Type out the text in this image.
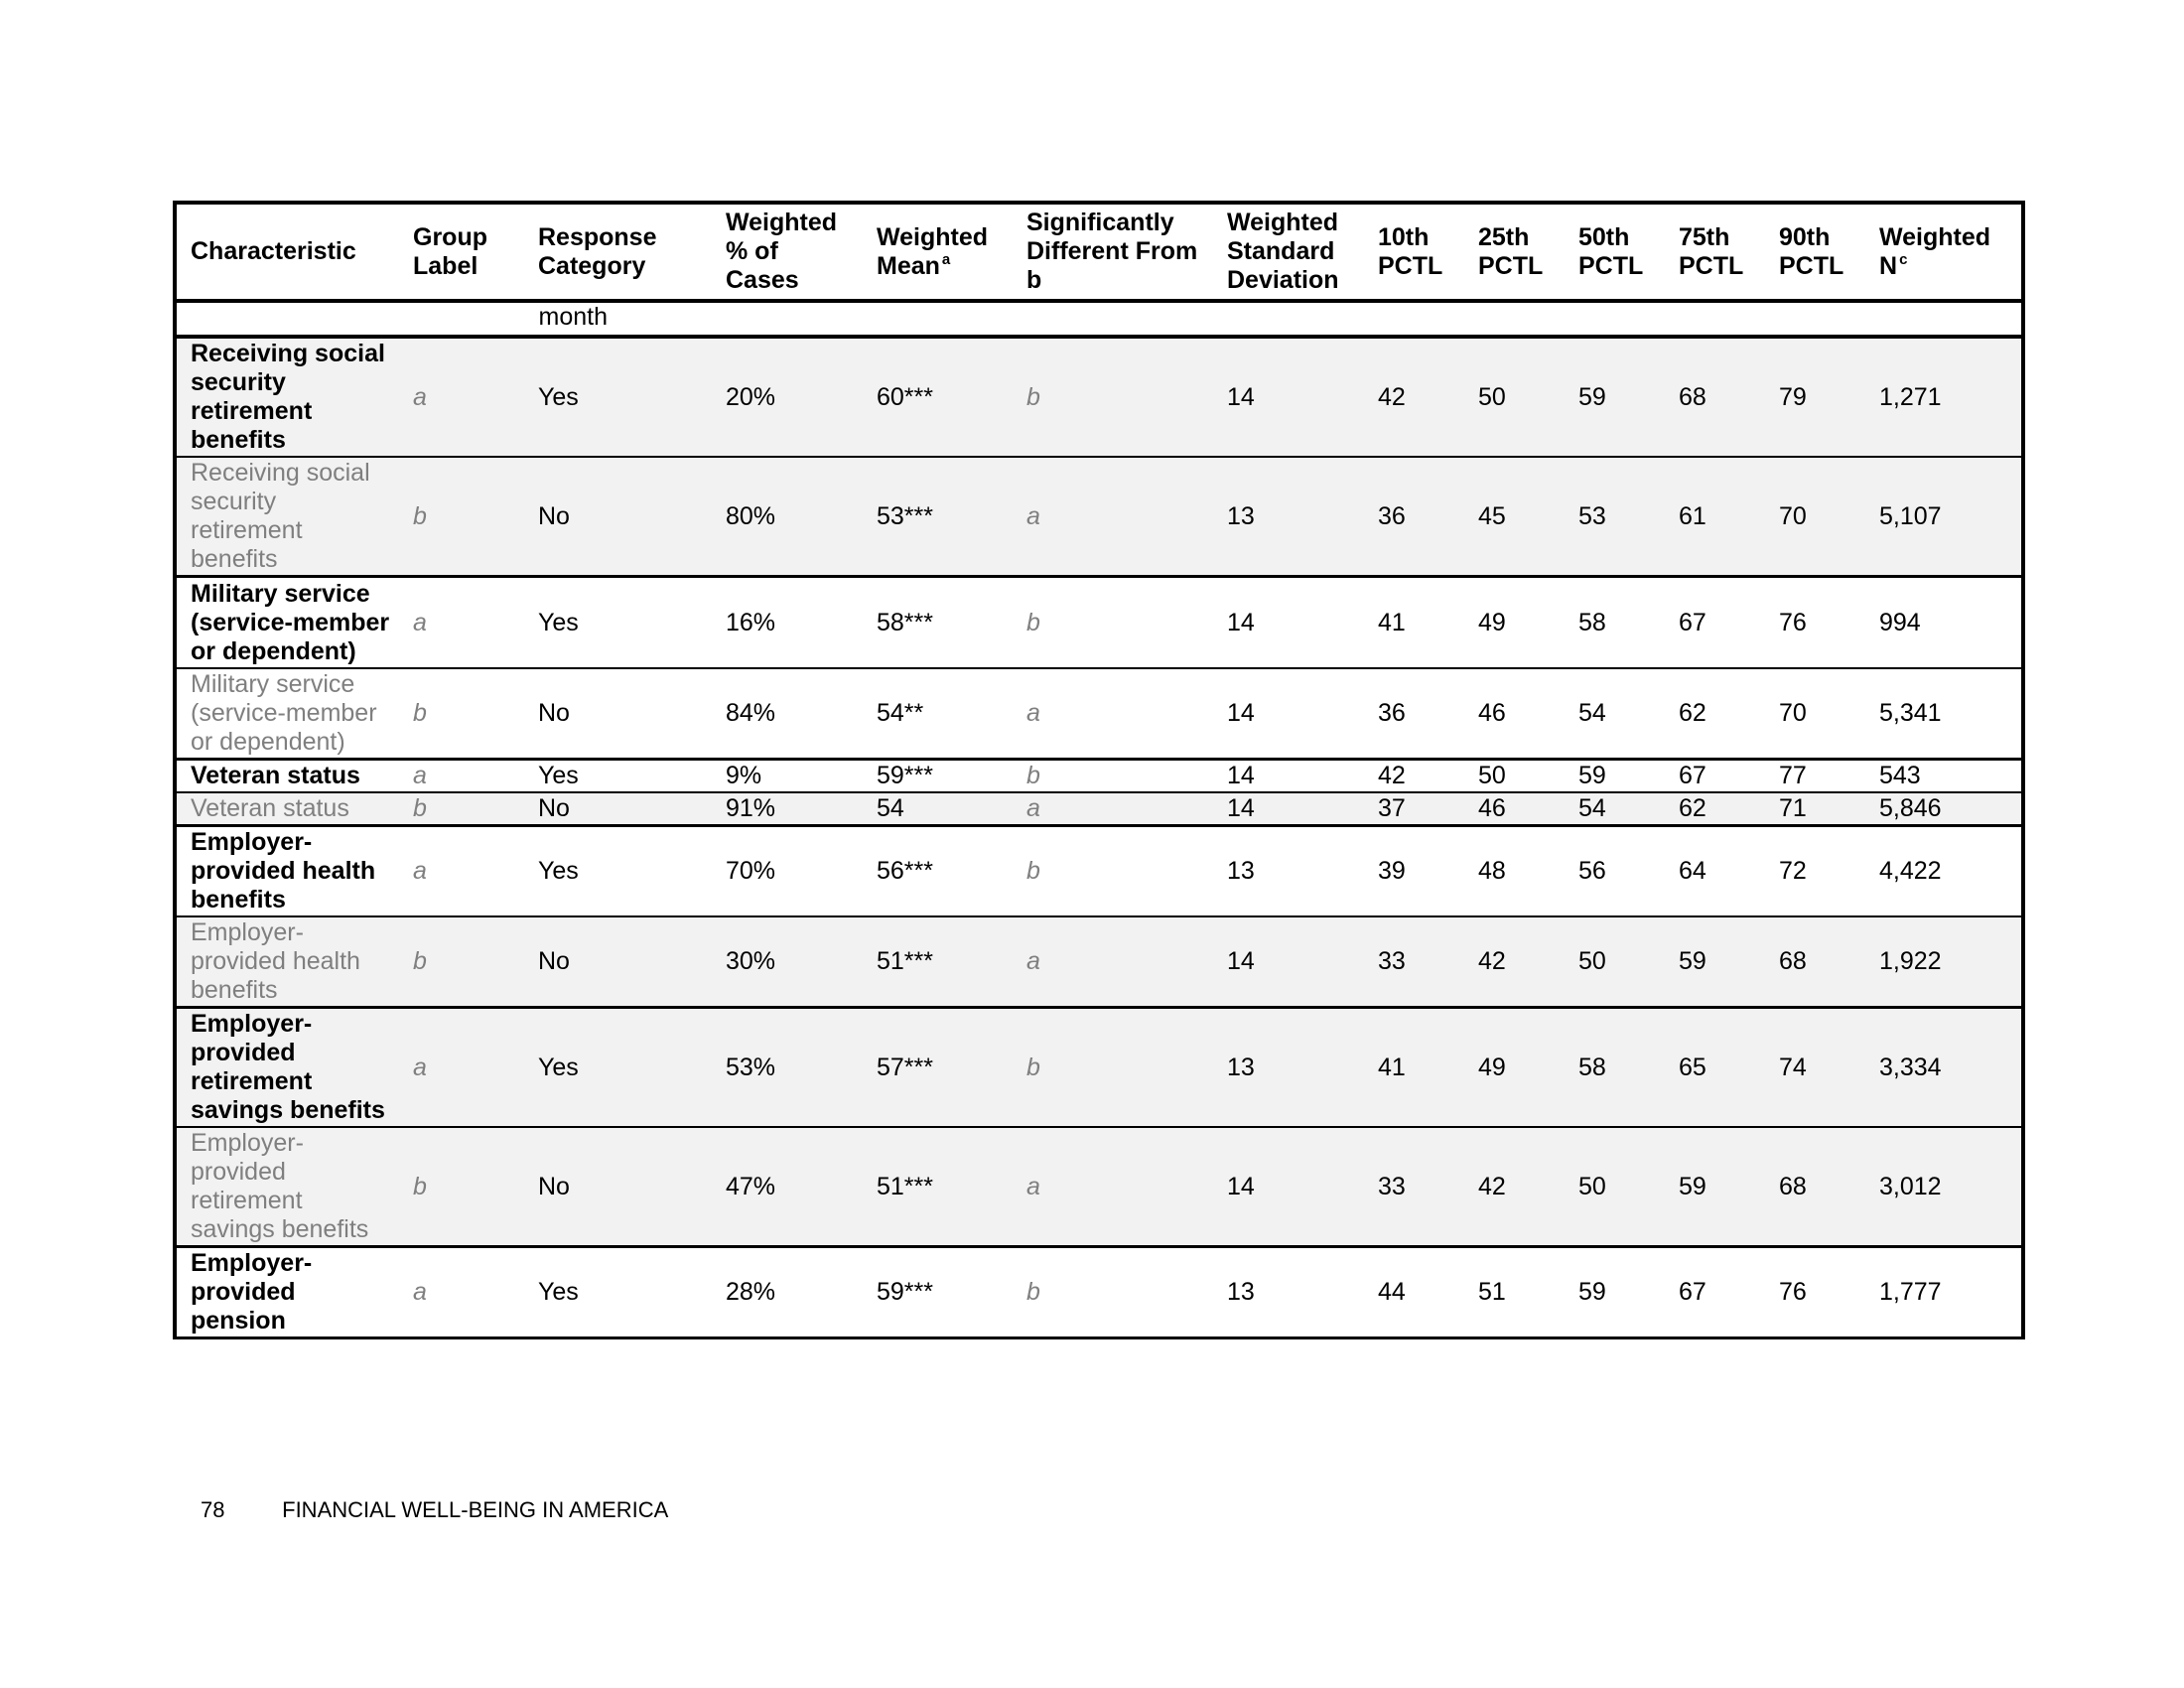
Characteristic	Group Label	Response Category	Weighted % of Cases	Weighted Mean $^a$	Significantly Different From b	Weighted Standard Deviation	10th PCTL	25th PCTL	50th PCTL	75th PCTL	90th PCTL	Weighted N $^c$
		month										
Receiving social security retirement benefits	a	Yes	20%	60***	b	14	42	50	59	68	79	1,271
Receiving social security retirement benefits	b	No	80%	53***	a	13	36	45	53	61	70	5,107
Military service (service-member or dependent)	a	Yes	16%	58***	b	14	41	49	58	67	76	994
Military service (service-member or dependent)	b	No	84%	54**	a	14	36	46	54	62	70	5,341
Veteran status	a	Yes	9%	59***	b	14	42	50	59	67	77	543
Veteran status	b	No	91%	54	a	14	37	46	54	62	71	5,846
Employer-provided health benefits	a	Yes	70%	56***	b	13	39	48	56	64	72	4,422
Employer-provided health benefits	b	No	30%	51***	a	14	33	42	50	59	68	1,922
Employer-provided retirement savings benefits	a	Yes	53%	57***	b	13	41	49	58	65	74	3,334
Employer-provided retirement savings benefits	b	No	47%	51***	a	14	33	42	50	59	68	3,012
Employer-provided pension	a	Yes	28%	59***	b	13	44	51	59	67	76	1,777
78	FINANCIAL WELL-BEING IN AMERICA
